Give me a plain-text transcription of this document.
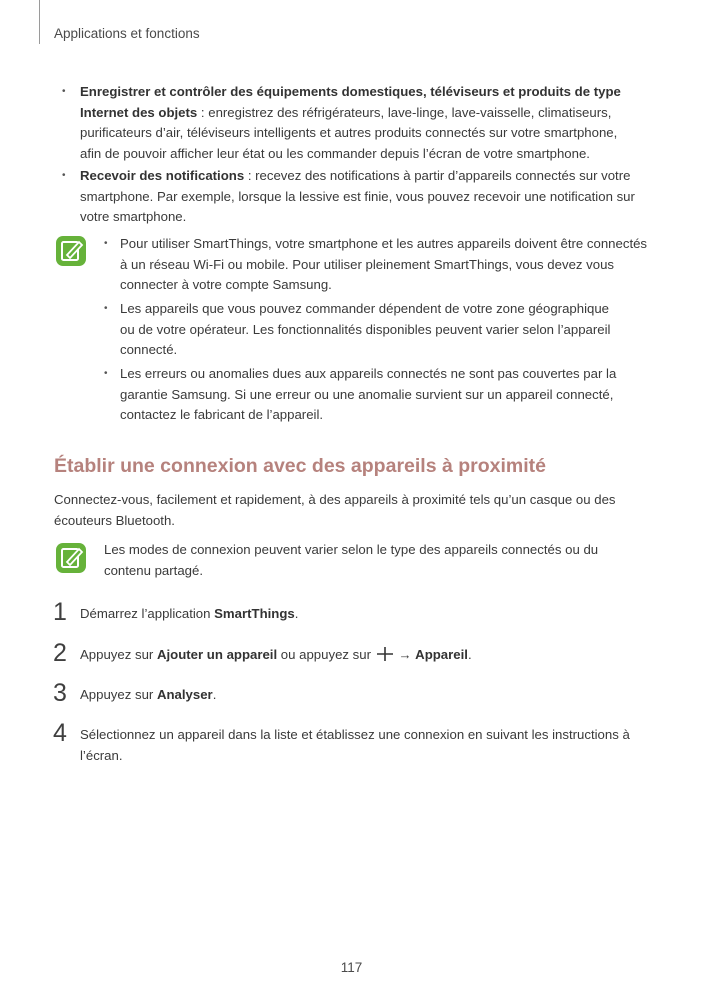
Applications et fonctions
• Enregistrer et contrôler des équipements domestiques, téléviseurs et produits de type Internet des objets : enregistrez des réfrigérateurs, lave-linge, lave-vaisselle, climatiseurs, purificateurs d’air, téléviseurs intelligents et autres produits connectés sur votre smartphone, afin de pouvoir afficher leur état ou les commander depuis l’écran de votre smartphone.
• Recevoir des notifications : recevez des notifications à partir d’appareils connectés sur votre smartphone. Par exemple, lorsque la lessive est finie, vous pouvez recevoir une notification sur votre smartphone.
• Pour utiliser SmartThings, votre smartphone et les autres appareils doivent être connectés à un réseau Wi-Fi ou mobile. Pour utiliser pleinement SmartThings, vous devez vous connecter à votre compte Samsung.
• Les appareils que vous pouvez commander dépendent de votre zone géographique ou de votre opérateur. Les fonctionnalités disponibles peuvent varier selon l’appareil connecté.
• Les erreurs ou anomalies dues aux appareils connectés ne sont pas couvertes par la garantie Samsung. Si une erreur ou une anomalie survient sur un appareil connecté, contactez le fabricant de l’appareil.
Établir une connexion avec des appareils à proximité
Connectez-vous, facilement et rapidement, à des appareils à proximité tels qu’un casque ou des écouteurs Bluetooth.
Les modes de connexion peuvent varier selon le type des appareils connectés ou du contenu partagé.
1 Démarrez l’application SmartThings.
2 Appuyez sur Ajouter un appareil ou appuyez sur  → Appareil.
3 Appuyez sur Analyser.
4 Sélectionnez un appareil dans la liste et établissez une connexion en suivant les instructions à l’écran.
117
